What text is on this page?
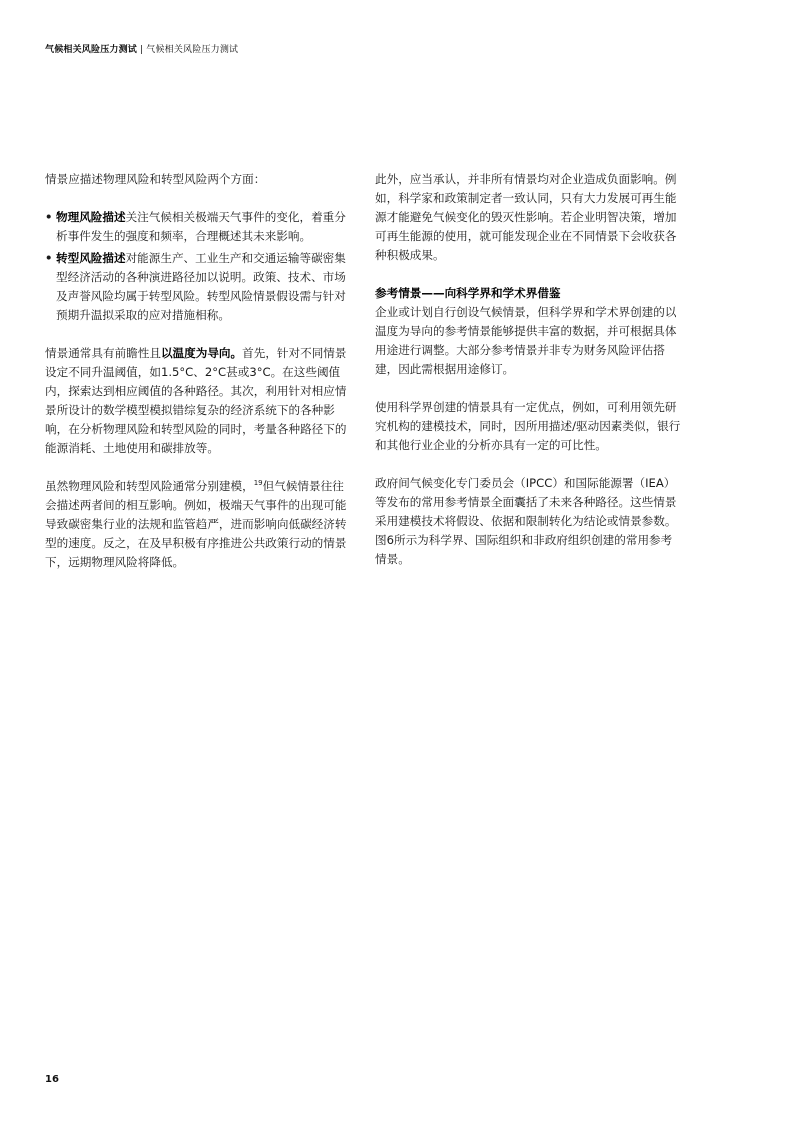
气候相关风险压力测试 | 气候相关风险压力测试

情景应描述物理风险和转型风险两个方面：

• 物理风险描述关注气候相关极端天气事件的变化，着重分析事件发生的强度和频率，合理概述其未来影响。
• 转型风险描述对能源生产、工业生产和交通运输等碳密集型经济活动的各种演进路径加以说明。政策、技术、市场及声誉风险均属于转型风险。转型风险情景假设需与针对预期升温拟采取的应对措施相称。

情景通常具有前瞻性且以温度为导向。首先，针对不同情景设定不同升温阈值，如1.5°C、2°C甚或3°C。在这些阈值内，探索达到相应阈值的各种路径。其次，利用针对相应情景所设计的数学模型模拟错综复杂的经济系统下的各种影响，在分析物理风险和转型风险的同时，考量各种路径下的能源消耗、土地使用和碳排放等。

虽然物理风险和转型风险通常分别建模，$^{19}$但气候情景往往会描述两者间的相互影响。例如，极端天气事件的出现可能导致碳密集行业的法规和监管趋严，进而影响向低碳经济转型的速度。反之，在及早积极有序推进公共政策行动的情景下，远期物理风险将降低。

此外，应当承认，并非所有情景均对企业造成负面影响。例如，科学家和政策制定者一致认同，只有大力发展可再生能源才能避免气候变化的毁灭性影响。若企业明智决策，增加可再生能源的使用，就可能发现企业在不同情景下会收获各种积极成果。

参考情景——向科学界和学术界借鉴

企业或计划自行创设气候情景，但科学界和学术界创建的以温度为导向的参考情景能够提供丰富的数据，并可根据具体用途进行调整。大部分参考情景并非专为财务风险评估搭建，因此需根据用途修订。

使用科学界创建的情景具有一定优点，例如，可利用领先研究机构的建模技术，同时，因所用描述/驱动因素类似，银行和其他行业企业的分析亦具有一定的可比性。

政府间气候变化专门委员会（IPCC）和国际能源署（IEA）等发布的常用参考情景全面囊括了未来各种路径。这些情景采用建模技术将假设、依据和限制转化为结论或情景参数。图6所示为科学界、国际组织和非政府组织创建的常用参考情景。

16
